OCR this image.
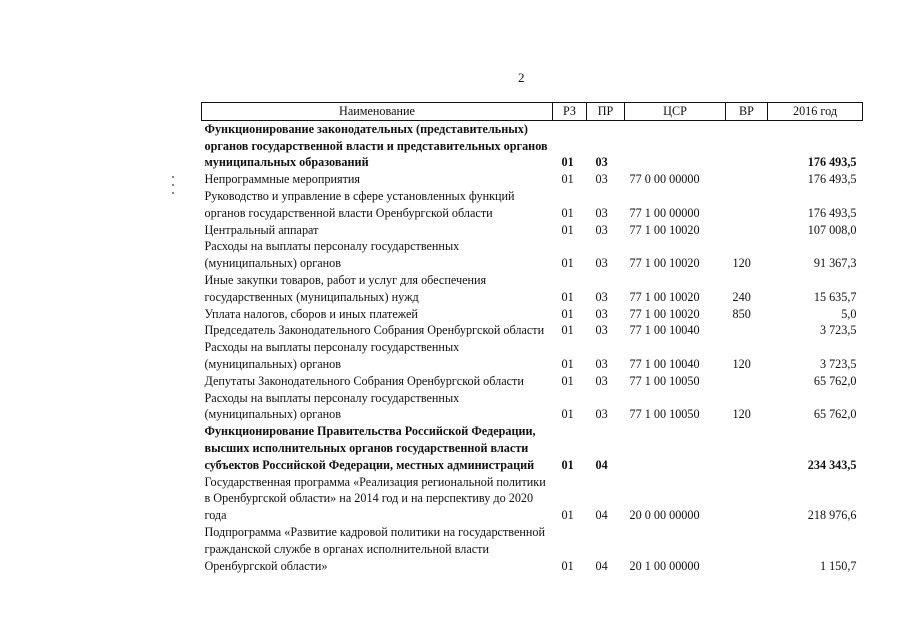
2
Наименование	РЗ	ПР	ЦСР	ВР	2016 год
Функционирование законодательных (представительных) органов государственной власти и представительных органов муниципальных образований	01	03			176 493,5
Непрограммные мероприятия	01	03	77 0 00 00000		176 493,5
Руководство и управление в сфере установленных функций органов государственной власти Оренбургской области	01	03	77 1 00 00000		176 493,5
Центральный аппарат	01	03	77 1 00 10020		107 008,0
Расходы на выплаты персоналу государственных (муниципальных) органов	01	03	77 1 00 10020	120	91 367,3
Иные закупки товаров, работ и услуг для обеспечения государственных (муниципальных) нужд	01	03	77 1 00 10020	240	15 635,7
Уплата налогов, сборов и иных платежей	01	03	77 1 00 10020	850	5,0
Председатель Законодательного Собрания Оренбургской области	01	03	77 1 00 10040		3 723,5
Расходы на выплаты персоналу государственных (муниципальных) органов	01	03	77 1 00 10040	120	3 723,5
Депутаты Законодательного Собрания Оренбургской области	01	03	77 1 00 10050		65 762,0
Расходы на выплаты персоналу государственных (муниципальных) органов	01	03	77 1 00 10050	120	65 762,0
Функционирование Правительства Российской Федерации, высших исполнительных органов государственной власти субъектов Российской Федерации, местных администраций	01	04			234 343,5
Государственная программа «Реализация региональной политики в Оренбургской области» на 2014 год и на перспективу до 2020 года	01	04	20 0 00 00000		218 976,6
Подпрограмма «Развитие кадровой политики на государственной гражданской службе в органах исполнительной власти Оренбургской области»	01	04	20 1 00 00000		1 150,7
